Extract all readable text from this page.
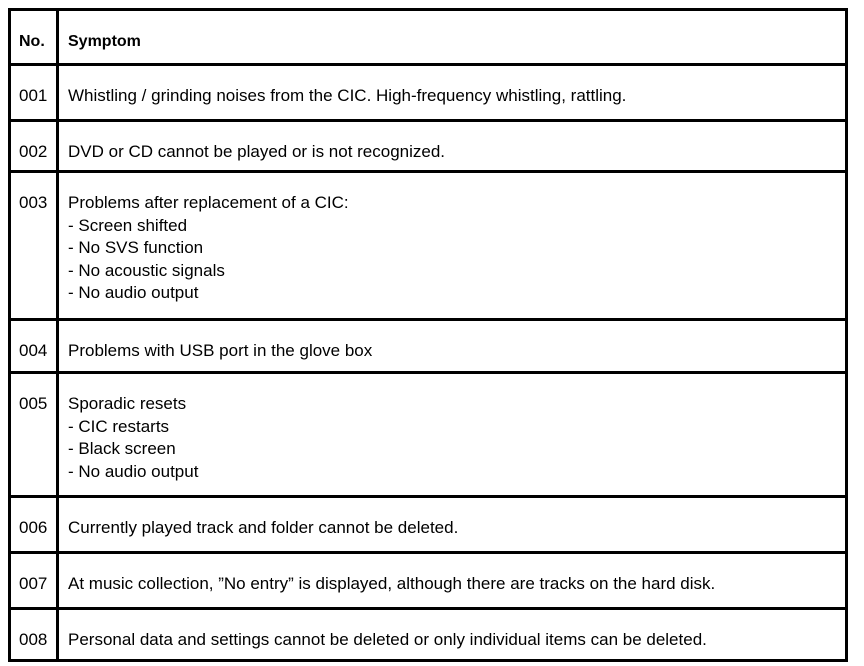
No.	Symptom
001	Whistling / grinding noises from the CIC. High-frequency whistling, rattling.
002	DVD or CD cannot be played or is not recognized.
003	Problems after replacement of a CIC:
- Screen shifted
- No SVS function
- No acoustic signals
- No audio output
004	Problems with USB port in the glove box
005	Sporadic resets
- CIC restarts
- Black screen
- No audio output
006	Currently played track and folder cannot be deleted.
007	At music collection, ”No entry” is displayed, although there are tracks on the hard disk.
008	Personal data and settings cannot be deleted or only individual items can be deleted.
